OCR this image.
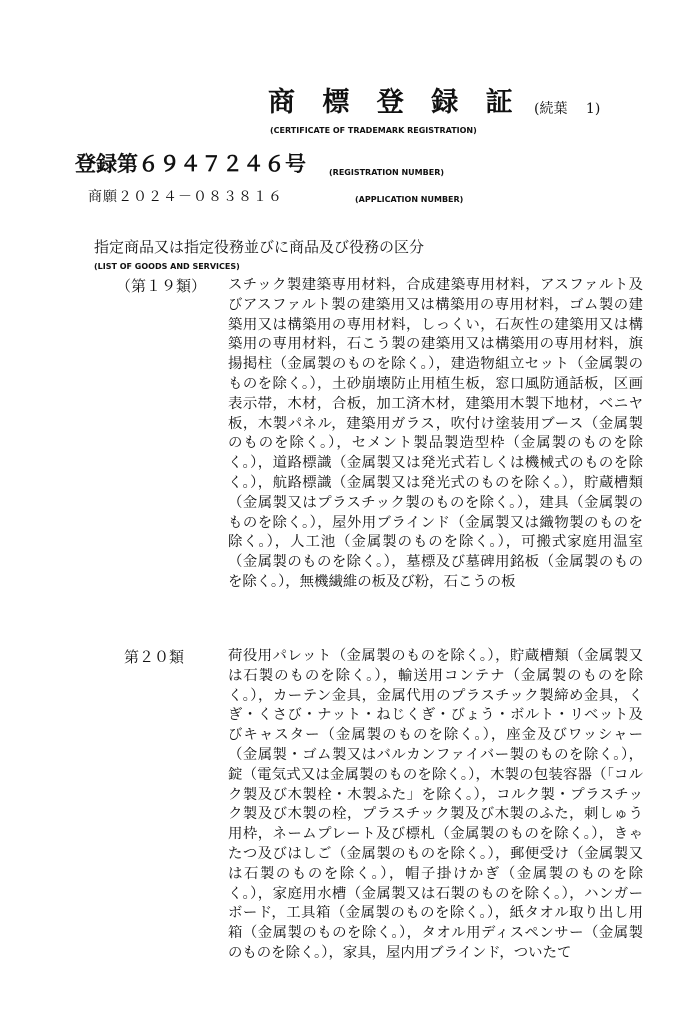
商 標 登 録 証
(CERTIFICATE OF TRADEMARK REGISTRATION)
(続葉　 1)
登録第６９４７２４６号	(REGISTRATION NUMBER)
商願２０２４－０８３８１６	(APPLICATION NUMBER)
指定商品又は指定役務並びに商品及び役務の区分
(LIST OF GOODS AND SERVICES)
（第１９類） スチック製建築専用材料，合成建築専用材料，アスファルト及びアスファルト製の建築用又は構築用の専用材料，ゴム製の建築用又は構築用の専用材料，しっくい，石灰性の建築用又は構築用の専用材料，石こう製の建築用又は構築用の専用材料，旗揚掲柱（金属製のものを除く。），建造物組立セット（金属製のものを除く。），土砂崩壊防止用植生板，窓口風防通話板，区画表示帯，木材，合板，加工済木材，建築用木製下地材，ベニヤ板，木製パネル，建築用ガラス，吹付け塗装用ブース（金属製のものを除く。），セメント製品製造型枠（金属製のものを除く。），道路標識（金属製又は発光式若しくは機械式のものを除く。），航路標識（金属製又は発光式のものを除く。），貯蔵槽類（金属製又はプラスチック製のものを除く。），建具（金属製のものを除く。），屋外用ブラインド（金属製又は織物製のものを除く。），人工池（金属製のものを除く。），可搬式家庭用温室（金属製のものを除く。），墓標及び墓碑用銘板（金属製のものを除く。），無機繊維の板及び粉，石こうの板
第２０類	荷役用パレット（金属製のものを除く。），貯蔵槽類（金属製又は石製のものを除く。），輸送用コンテナ（金属製のものを除く。），カーテン金具，金属代用のプラスチック製締め金具，くぎ・くさび・ナット・ねじくぎ・びょう・ボルト・リベット及びキャスター（金属製のものを除く。），座金及びワッシャー（金属製・ゴム製又はバルカンファイバー製のものを除く。），錠（電気式又は金属製のものを除く。），木製の包装容器（「コルク製及び木製栓・木製ふた」を除く。），コルク製・プラスチック製及び木製の栓，プラスチック製及び木製のふた，刺しゅう用枠，ネームプレート及び標札（金属製のものを除く。），きゃたつ及びはしご（金属製のものを除く。），郵便受け（金属製又は石製のものを除く。），帽子掛けかぎ（金属製のものを除く。），家庭用水槽（金属製又は石製のものを除く。），ハンガーボード，工具箱（金属製のものを除く。），紙タオル取り出し用箱（金属製のものを除く。），タオル用ディスペンサー（金属製のものを除く。），家具，屋内用ブラインド，ついたて
